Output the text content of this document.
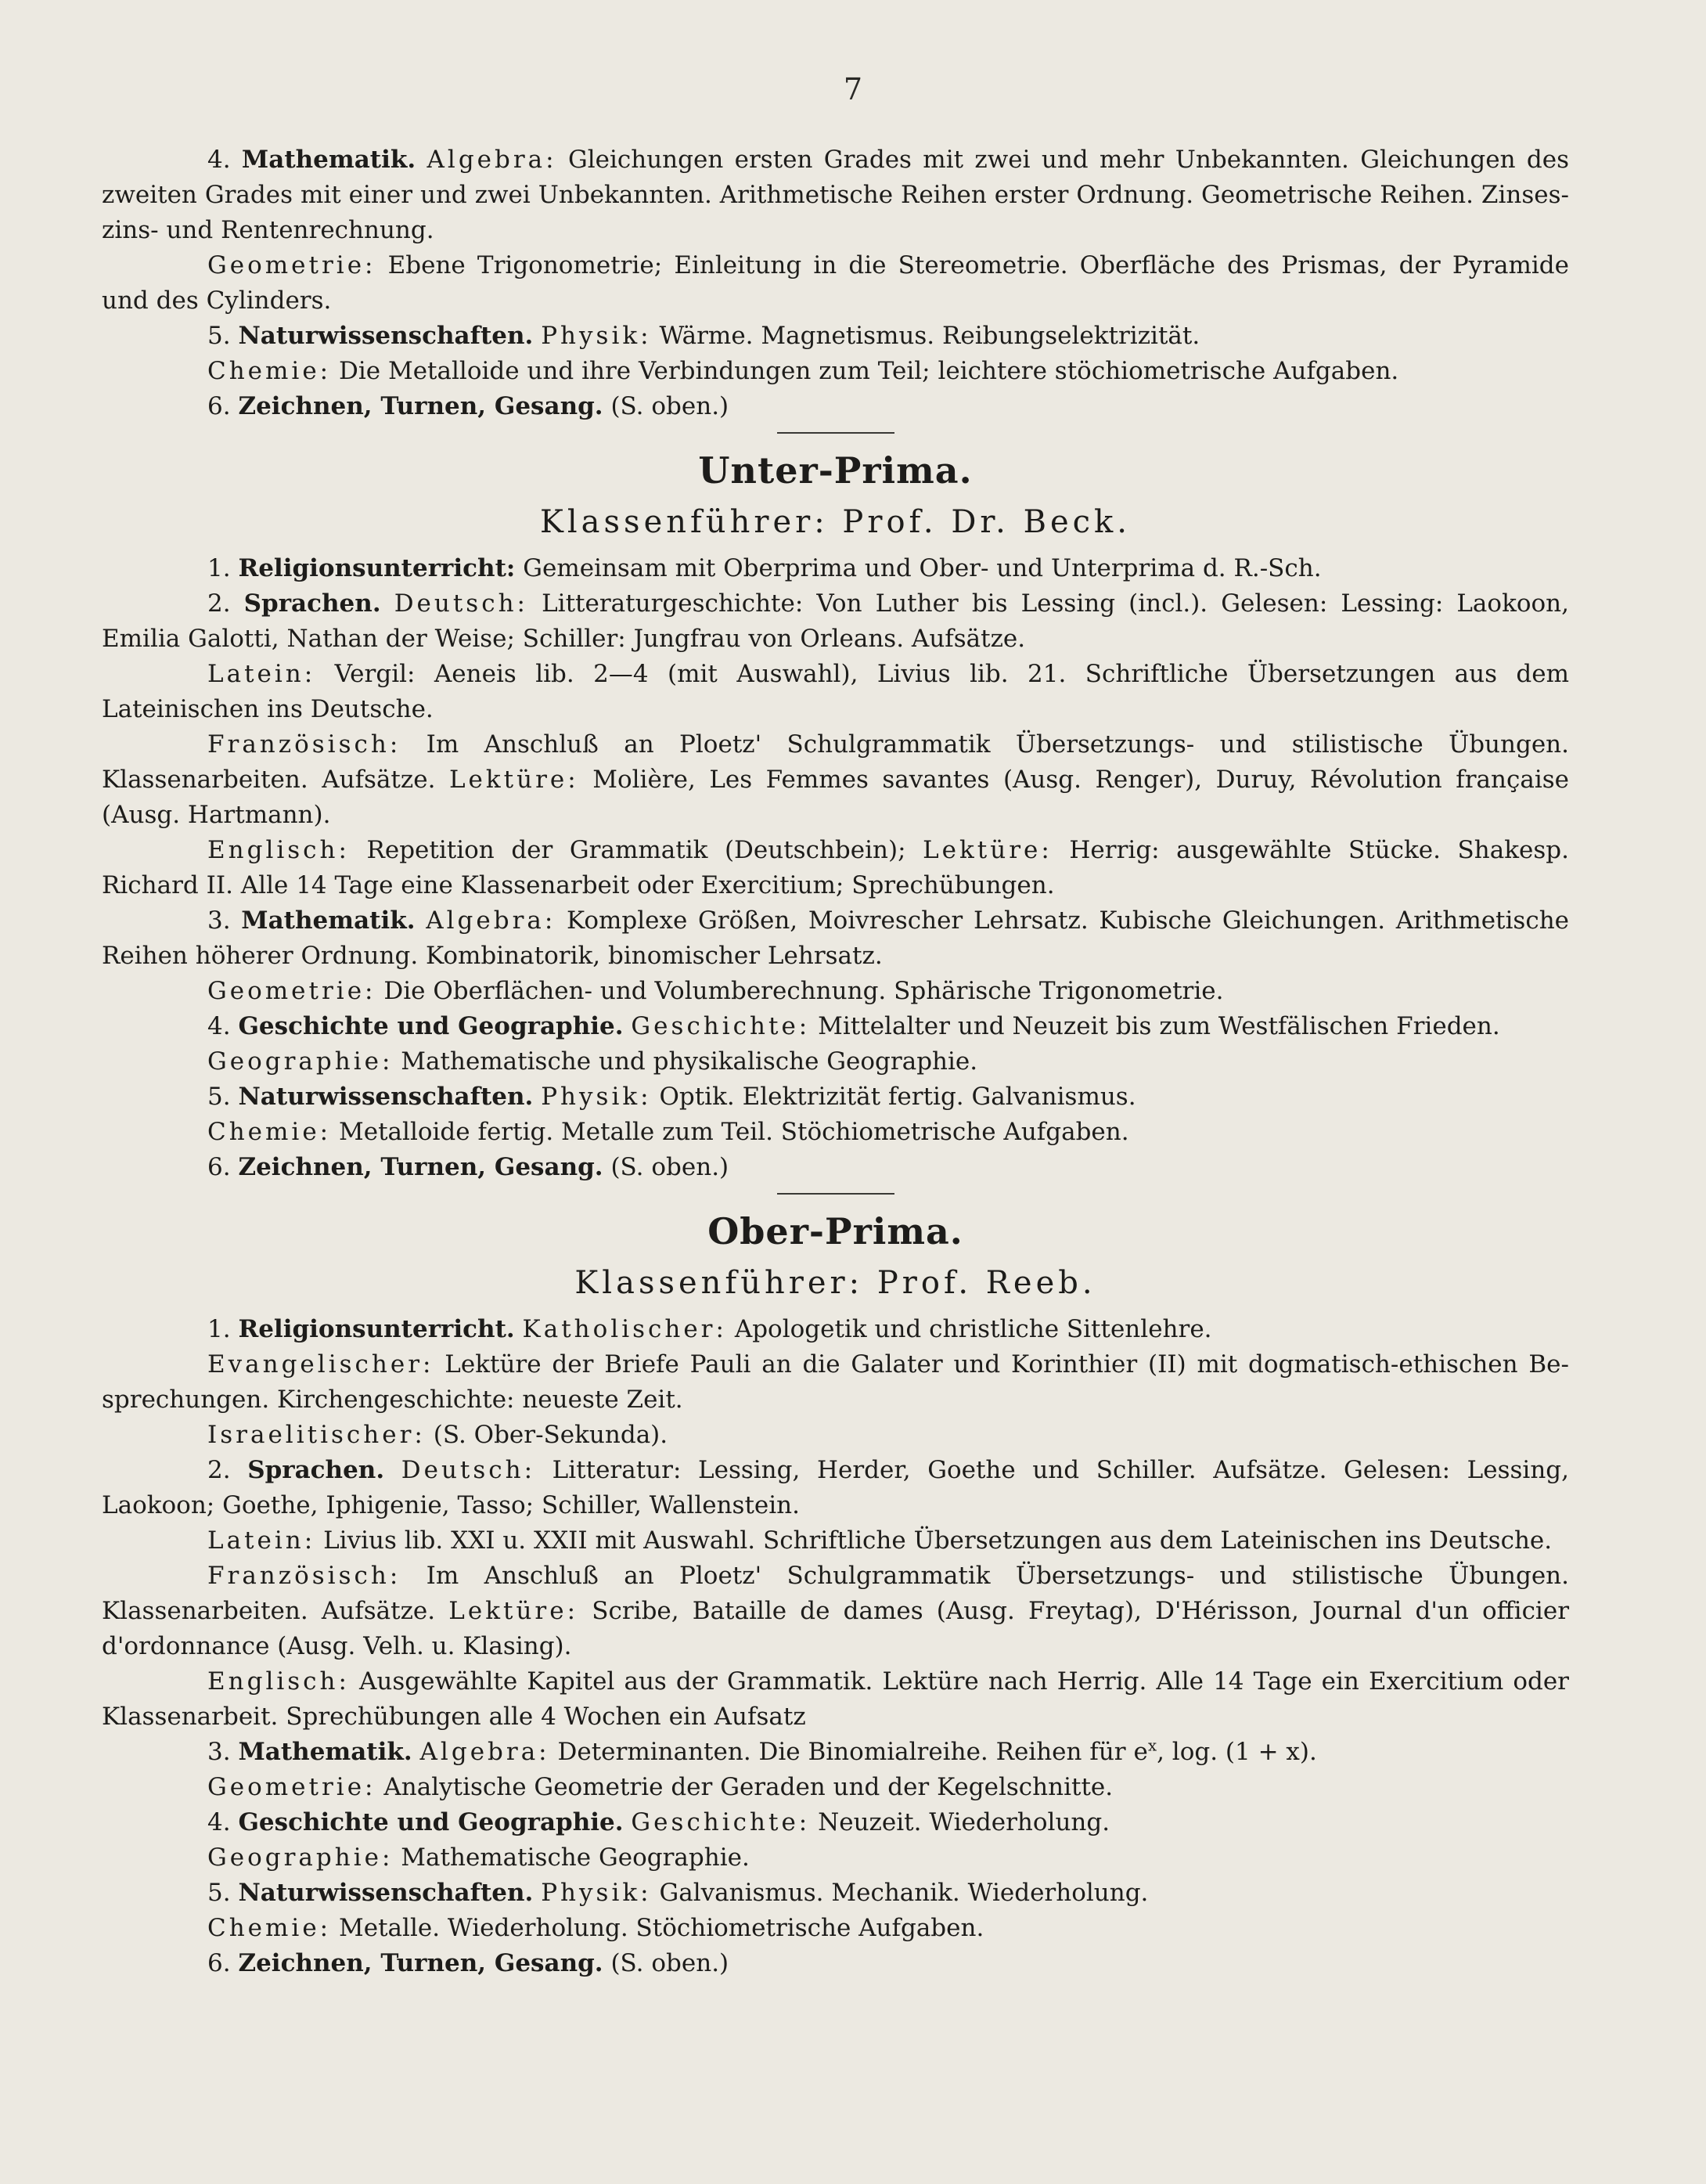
7

4. Mathematik. Algebra: Gleichungen ersten Grades mit zwei und mehr Unbekannten. Gleichungen des zweiten Grades mit einer und zwei Unbekannten. Arithmetische Reihen erster Ordnung. Geometrische Reihen. Zinses- zins- und Rentenrechnung.

Geometrie: Ebene Trigonometrie; Einleitung in die Stereometrie. Oberfläche des Prismas, der Pyramide und des Cylinders.

5. Naturwissenschaften. Physik: Wärme. Magnetismus. Reibungselektrizität.

Chemie: Die Metalloide und ihre Verbindungen zum Teil; leichtere stöchiometrische Aufgaben.

6. Zeichnen, Turnen, Gesang. (S. oben.)

Unter-Prima.
Klassenführer: Prof. Dr. Beck.

1. Religionsunterricht: Gemeinsam mit Oberprima und Ober- und Unterprima d. R.-Sch.

2. Sprachen. Deutsch: Litteraturgeschichte: Von Luther bis Lessing (incl.). Gelesen: Lessing: Laokoon, Emilia Galotti, Nathan der Weise; Schiller: Jungfrau von Orleans. Aufsätze.

Latein: Vergil: Aeneis lib. 2—4 (mit Auswahl), Livius lib. 21. Schriftliche Übersetzungen aus dem Lateinischen ins Deutsche.

Französisch: Im Anschluß an Ploetz' Schulgrammatik Übersetzungs- und stilistische Übungen. Klassenarbeiten. Aufsätze. Lektüre: Molière, Les Femmes savantes (Ausg. Renger), Duruy, Révolution française (Ausg. Hartmann).

Englisch: Repetition der Grammatik (Deutschbein); Lektüre: Herrig: ausgewählte Stücke. Shakesp. Richard II. Alle 14 Tage eine Klassenarbeit oder Exercitium; Sprechübungen.

3. Mathematik. Algebra: Komplexe Größen, Moivrescher Lehrsatz. Kubische Gleichungen. Arithmetische Reihen höherer Ordnung. Kombinatorik, binomischer Lehrsatz.

Geometrie: Die Oberflächen- und Volumberechnung. Sphärische Trigonometrie.

4. Geschichte und Geographie. Geschichte: Mittelalter und Neuzeit bis zum Westfälischen Frieden.

Geographie: Mathematische und physikalische Geographie.

5. Naturwissenschaften. Physik: Optik. Elektrizität fertig. Galvanismus.

Chemie: Metalloide fertig. Metalle zum Teil. Stöchiometrische Aufgaben.

6. Zeichnen, Turnen, Gesang. (S. oben.)

Ober-Prima.
Klassenführer: Prof. Reeb.

1. Religionsunterricht. Katholischer: Apologetik und christliche Sittenlehre.

Evangelischer: Lektüre der Briefe Pauli an die Galater und Korinthier (II) mit dogmatisch-ethischen Be- sprechungen. Kirchengeschichte: neueste Zeit.

Israelitischer: (S. Ober-Sekunda).

2. Sprachen. Deutsch: Litteratur: Lessing, Herder, Goethe und Schiller. Aufsätze. Gelesen: Lessing, Laokoon; Goethe, Iphigenie, Tasso; Schiller, Wallenstein.

Latein: Livius lib. XXI u. XXII mit Auswahl. Schriftliche Übersetzungen aus dem Lateinischen ins Deutsche.

Französisch: Im Anschluß an Ploetz' Schulgrammatik Übersetzungs- und stilistische Übungen. Klassenarbeiten. Aufsätze. Lektüre: Scribe, Bataille de dames (Ausg. Freytag), D'Hérisson, Journal d'un officier d'ordonnance (Ausg. Velh. u. Klasing).

Englisch: Ausgewählte Kapitel aus der Grammatik. Lektüre nach Herrig. Alle 14 Tage ein Exercitium oder Klassenarbeit. Sprechübungen alle 4 Wochen ein Aufsatz

3. Mathematik. Algebra: Determinanten. Die Binomialreihe. Reihen für $e^x$, log. (1 + x).

Geometrie: Analytische Geometrie der Geraden und der Kegelschnitte.

4. Geschichte und Geographie. Geschichte: Neuzeit. Wiederholung.

Geographie: Mathematische Geographie.

5. Naturwissenschaften. Physik: Galvanismus. Mechanik. Wiederholung.

Chemie: Metalle. Wiederholung. Stöchiometrische Aufgaben.

6. Zeichnen, Turnen, Gesang. (S. oben.)
